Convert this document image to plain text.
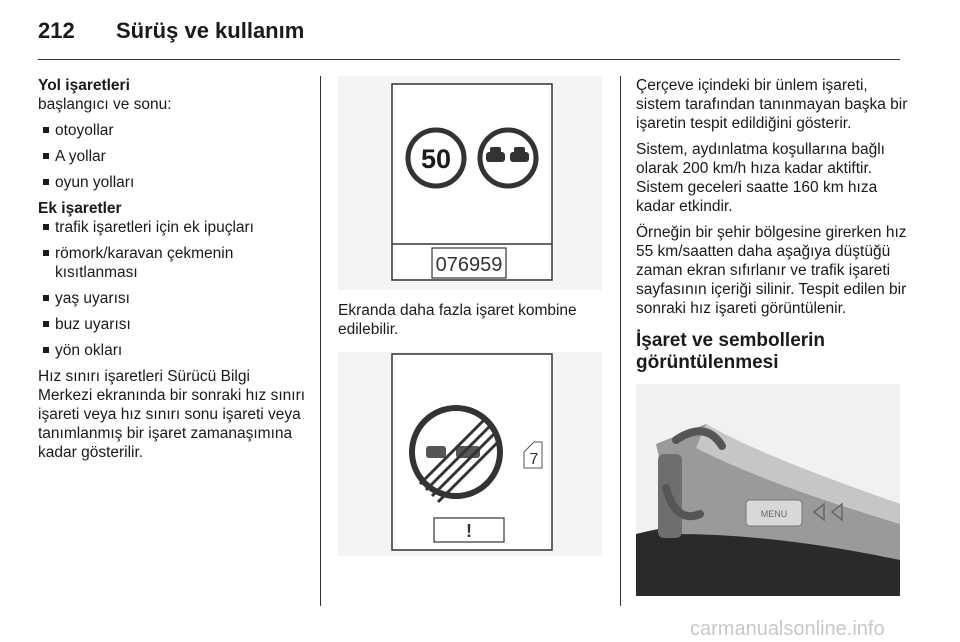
212	Sürüş ve kullanım
Yol işaretleri
başlangıcı ve sonu:
otoyollar
A yollar
oyun yolları
Ek işaretler
trafik işaretleri için ek ipuçları
römork/karavan çekmenin kısıtlanması
yaş uyarısı
buz uyarısı
yön okları
Hız sınırı işaretleri Sürücü Bilgi Merkezi ekranında bir sonraki hız sınırı işareti veya hız sınırı sonu işareti veya tanımlanmış bir işaret zamanaşımına kadar gösterilir.
50
076959
Ekranda daha fazla işaret kombine edilebilir.
7
!
Çerçeve içindeki bir ünlem işareti, sistem tarafından tanınmayan başka bir işaretin tespit edildiğini gösterir.
Sistem, aydınlatma koşullarına bağlı olarak 200 km/h hıza kadar aktiftir. Sistem geceleri saatte 160 km hıza kadar etkindir.
Örneğin bir şehir bölgesine girerken hız 55 km/saatten daha aşağıya düştüğü zaman ekran sıfırlanır ve trafik işareti sayfasının içeriği silinir. Tespit edilen bir sonraki hız işareti görüntülenir.
İşaret ve sembollerin görüntülenmesi
MENU
carmanualsonline.info
